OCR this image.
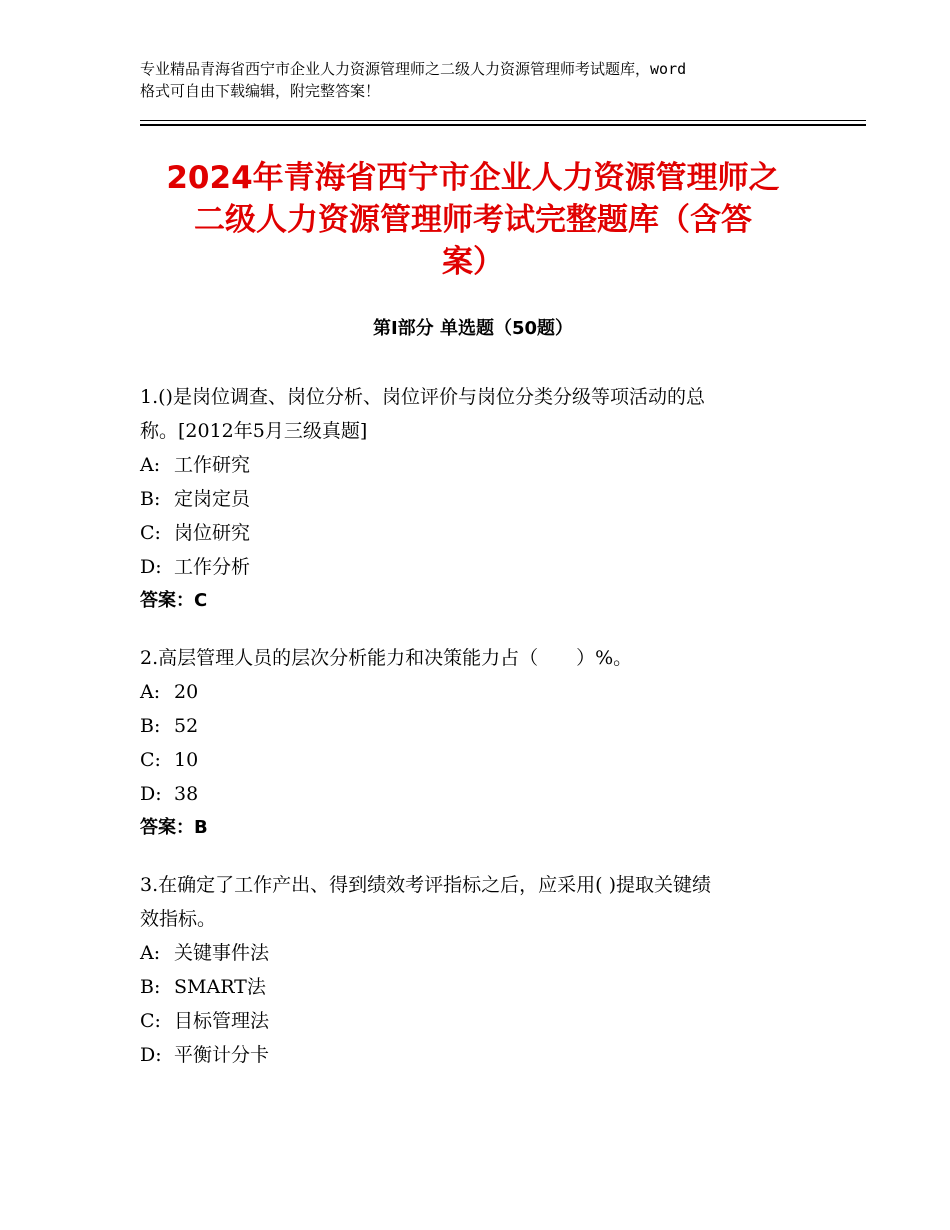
专业精品青海省西宁市企业人力资源管理师之二级人力资源管理师考试题库，word
格式可自由下载编辑，附完整答案！
2024年青海省西宁市企业人力资源管理师之
二级人力资源管理师考试完整题库（含答
案）
第Ⅰ部分 单选题（50题）

1.()是岗位调查、岗位分析、岗位评价与岗位分类分级等项活动的总
称。[2012年5月三级真题]

A: 工作研究

B: 定岗定员

C: 岗位研究

D: 工作分析

答案：C

2.高层管理人员的层次分析能力和决策能力占（　　）%。

A: 20

B: 52

C: 10

D: 38

答案：B

3.在确定了工作产出、得到绩效考评指标之后，应采用( )提取关键绩
效指标。

A: 关键事件法

B: SMART法

C: 目标管理法

D: 平衡计分卡
